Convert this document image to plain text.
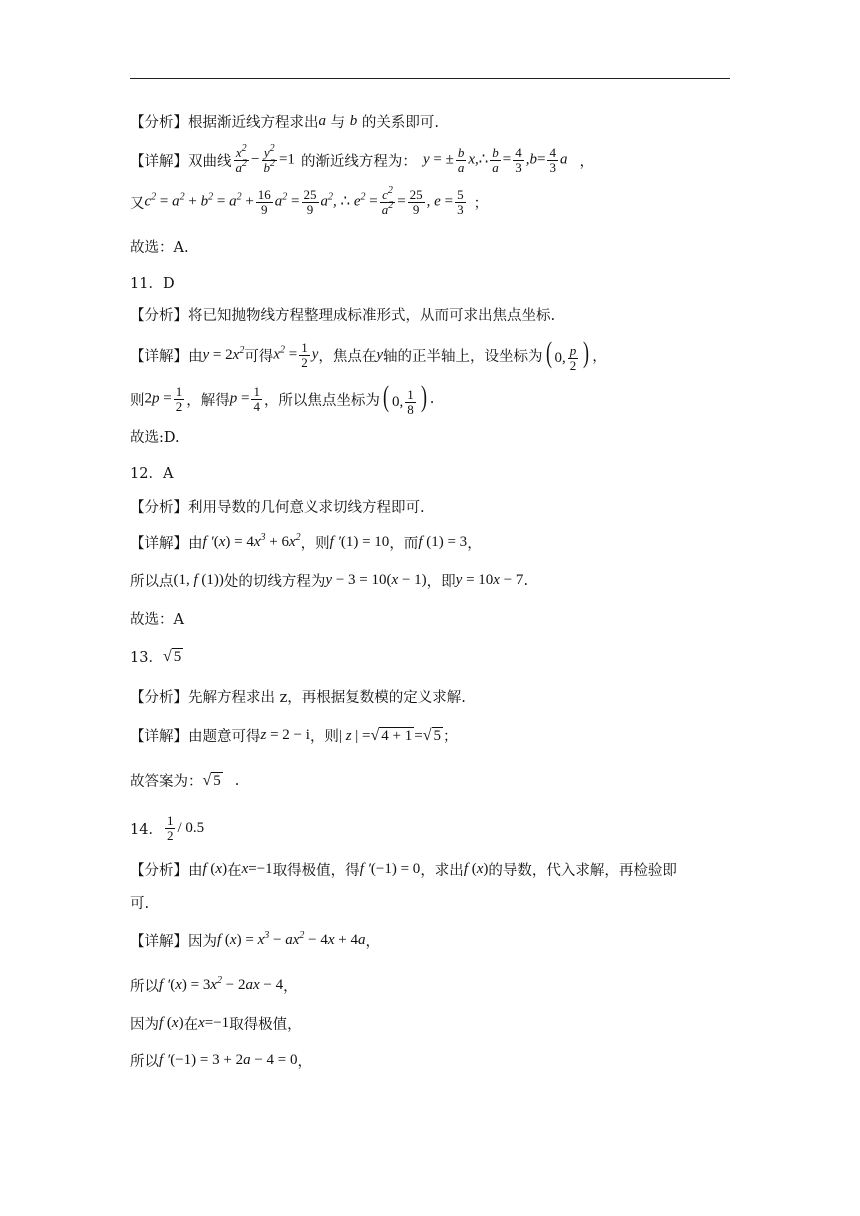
【分析】 根据渐近线方程求出 a
与
b
的关系即可.
【详解】 双曲线 $\frac{x^2}{a^2} - \frac{y^2}{b^2} =1$ 的渐近线方程为： y = ± $\frac{b}{a}$ x,∴ $\frac{b}{a} = \frac{4}{3} ,b= \frac{4}{3}$ a ，
又 $c^2 = a^2 + b^2 = a^2 + \frac{16}{9} a^2 = \frac{25}{9} a^2$, ∴ $e^2 = \frac{c^2}{a^2} = \frac{25}{9}$ , $e = \frac{5}{3}$ ；
故选：A.
11．D
【分析】 将已知抛物线方程整理成标准形式，从而可求出焦点坐标.
【详解】 由 $y = 2x^2$ 可得 $x^2 = \frac{1}{2}$ y ，焦点在 y 轴的正半轴上，设坐标为 ( 0, $\frac{p}{2}$ ) ，
则 $2p = \frac{1}{2}$ ，解得 $p = \frac{1}{4}$ ，所以焦点坐标为 ( 0, $\frac{1}{8}$ ) .
故选:D.
12．A
【分析】 利用导数的几何意义求切线方程即可.
【详解】 由 f $'(x) = 4x^3 + 6x^2$ ，则 f ′(1) = 10 ，而 f (1) = 3 ，
所以点 (1, f (1)) 处的切线方程为 y − 3 = 10(x − 1) ，即 y = 10x − 7 .
故选：A
13． √ 5
【分析】 先解方程求出 z，再根据复数模的定义求解.
【详解】 由题意可得 z = 2 − i ，则 | z | = √ 4 + 1 = √ 5 ；
故答案为： √ 5 .
14． $\frac{1}{2} / 0.5$
【分析】 由 f (x) 在 x=−1 取得极值，得 f ′(−1) = 0 ，求出 f (x) 的导数，代入求解，再检验即
可.
【详解】 因为 f $(x) = x^3 - ax^2 - 4x + 4a$ ，
所以 f $'(x) = 3x^2 - 2ax - 4$ ，
因为 f (x) 在 x=−1 取得极值，
所以 f ′(−1) = 3 + 2a − 4 = 0 ，
